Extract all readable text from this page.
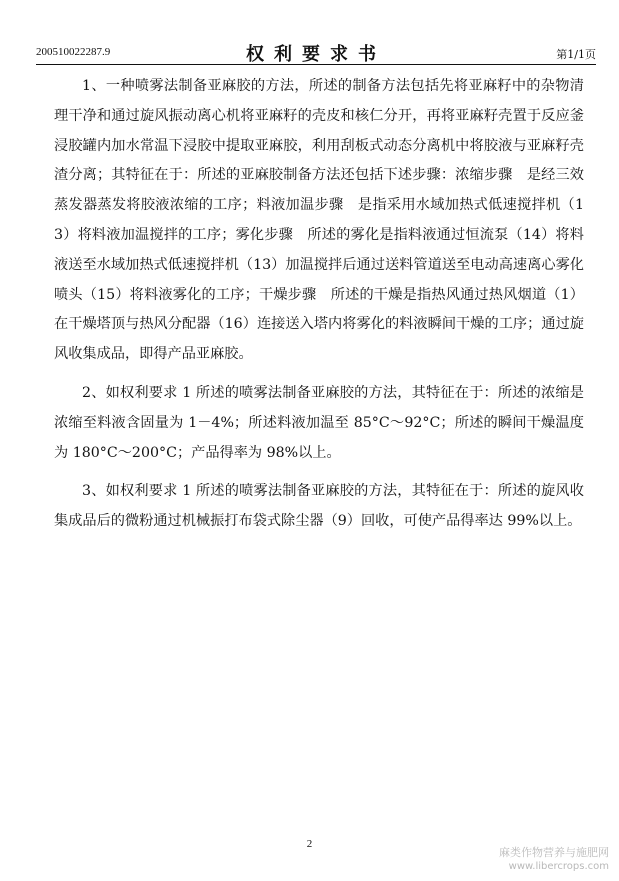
200510022287.9	权利要求书	第1/1页

1、一种喷雾法制备亚麻胶的方法，所述的制备方法包括先将亚麻籽中的杂物清理干净和通过旋风振动离心机将亚麻籽的壳皮和核仁分开，再将亚麻籽壳置于反应釜浸胶罐内加水常温下浸胶中提取亚麻胶，利用刮板式动态分离机中将胶液与亚麻籽壳渣分离；其特征在于：所述的亚麻胶制备方法还包括下述步骤：浓缩步骤　是经三效蒸发器蒸发将胶液浓缩的工序；料液加温步骤　是指采用水域加热式低速搅拌机（13）将料液加温搅拌的工序；雾化步骤　所述的雾化是指料液通过恒流泵（14）将料液送至水域加热式低速搅拌机（13）加温搅拌后通过送料管道送至电动高速离心雾化喷头（15）将料液雾化的工序；干燥步骤　所述的干燥是指热风通过热风烟道（1）在干燥塔顶与热风分配器（16）连接送入塔内将雾化的料液瞬间干燥的工序；通过旋风收集成品，即得产品亚麻胶。

2、如权利要求 1 所述的喷雾法制备亚麻胶的方法，其特征在于：所述的浓缩是浓缩至料液含固量为 1－4%；所述料液加温至 85°C～92°C；所述的瞬间干燥温度为 180°C～200°C；产品得率为 98%以上。

3、如权利要求 1 所述的喷雾法制备亚麻胶的方法，其特征在于：所述的旋风收集成品后的微粉通过机械振打布袋式除尘器（9）回收，可使产品得率达 99%以上。

2
麻类作物营养与施肥网
www.libercrops.com
